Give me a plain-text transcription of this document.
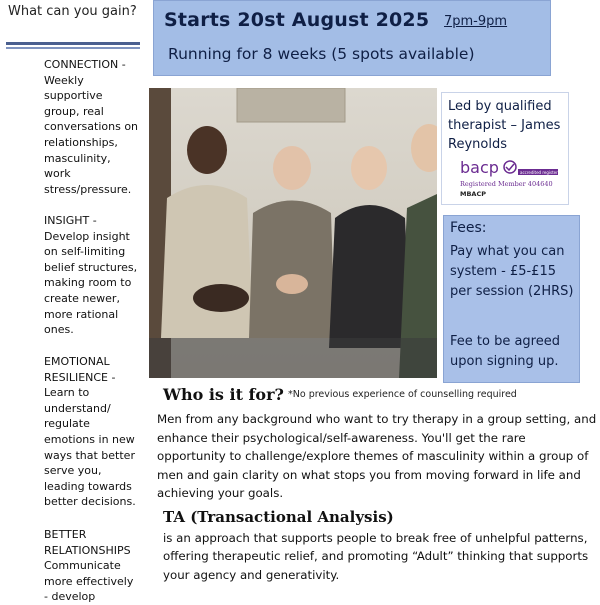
What can you gain?
CONNECTION -
Weekly supportive group, real conversations on relationships, masculinity, work stress/pressure.
INSIGHT -
Develop insight on self-limiting belief structures, making room to create newer, more rational ones.
EMOTIONAL RESILIENCE -
Learn to understand/ regulate emotions in new ways that better serve you, leading towards better decisions.
BETTER RELATIONSHIPS
Communicate more effectively - develop
Starts 20st August 2025 7pm-9pm
Running for 8 weeks (5 spots available)
Led by qualified therapist – James Reynolds
bacp	accredited register
Registered Member 404640
MBACP
Fees:
Pay what you can system - £5-£15 per session (2HRS)
Fee to be agreed upon signing up.
Who is it for? *No previous experience of counselling required
Men from any background who want to try therapy in a group setting, and enhance their psychological/self-awareness. You'll get the rare opportunity to challenge/explore themes of masculinity within a group of men and gain clarity on what stops you from moving forward in life and achieving your goals.
TA (Transactional Analysis)
is an approach that supports people to break free of unhelpful patterns, offering therapeutic relief, and promoting “Adult” thinking that supports your agency and generativity.
